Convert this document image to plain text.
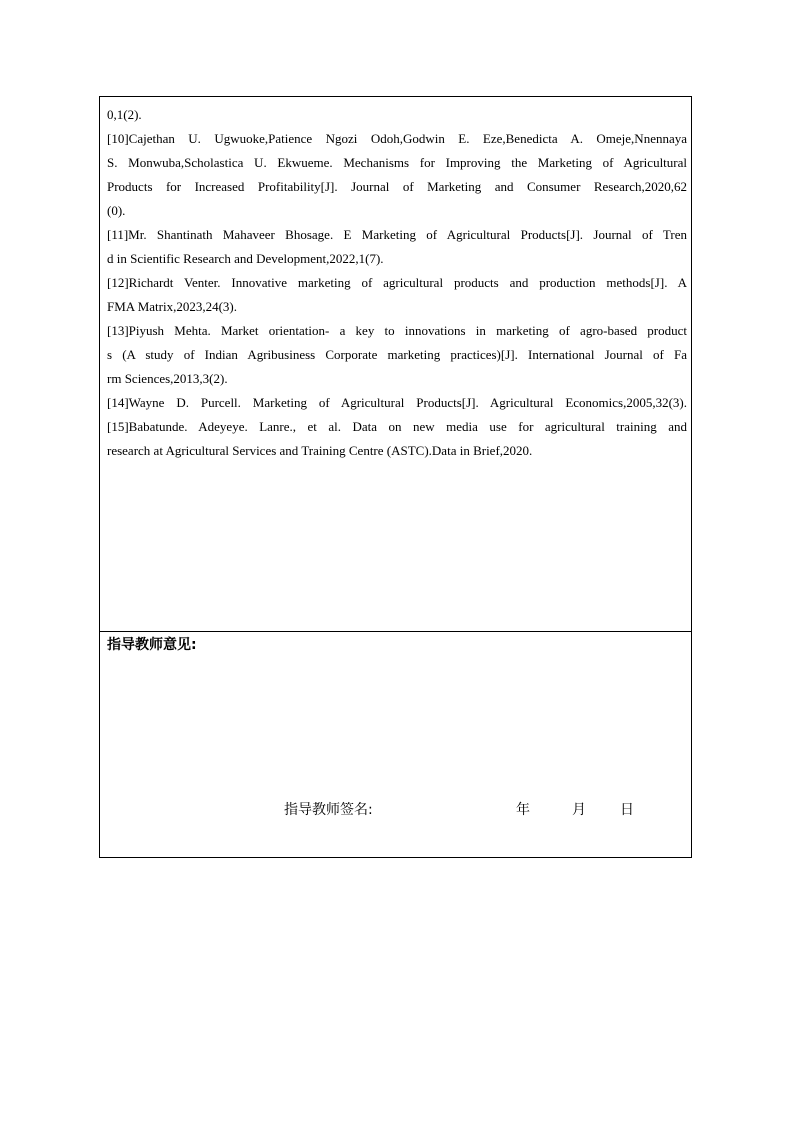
0,1(2).
[10]Cajethan U. Ugwuoke,Patience Ngozi Odoh,Godwin E. Eze,Benedicta A. Omeje,Nnennaya
S. Monwuba,Scholastica U. Ekwueme. Mechanisms for Improving the Marketing of Agricultural
Products for Increased Profitability[J]. Journal of Marketing and Consumer Research,2020,62
(0).
[11]Mr. Shantinath Mahaveer Bhosage. E Marketing of Agricultural Products[J]. Journal of Tren
d in Scientific Research and Development,2022,1(7).
[12]Richardt Venter. Innovative marketing of agricultural products and production methods[J]. A
FMA Matrix,2023,24(3).
[13]Piyush Mehta. Market orientation- a key to innovations in marketing of agro-based product
s (A study of Indian Agribusiness Corporate marketing practices)[J]. International Journal of Fa
rm Sciences,2013,3(2).
[14]Wayne D. Purcell. Marketing of Agricultural Products[J]. Agricultural Economics,2005,32(3).
[15]Babatunde. Adeyeye. Lanre., et al. Data on new media use for agricultural training and
research at Agricultural Services and Training Centre (ASTC).Data in Brief,2020.
指导教师意见:
指导教师签名:	年	月 日
